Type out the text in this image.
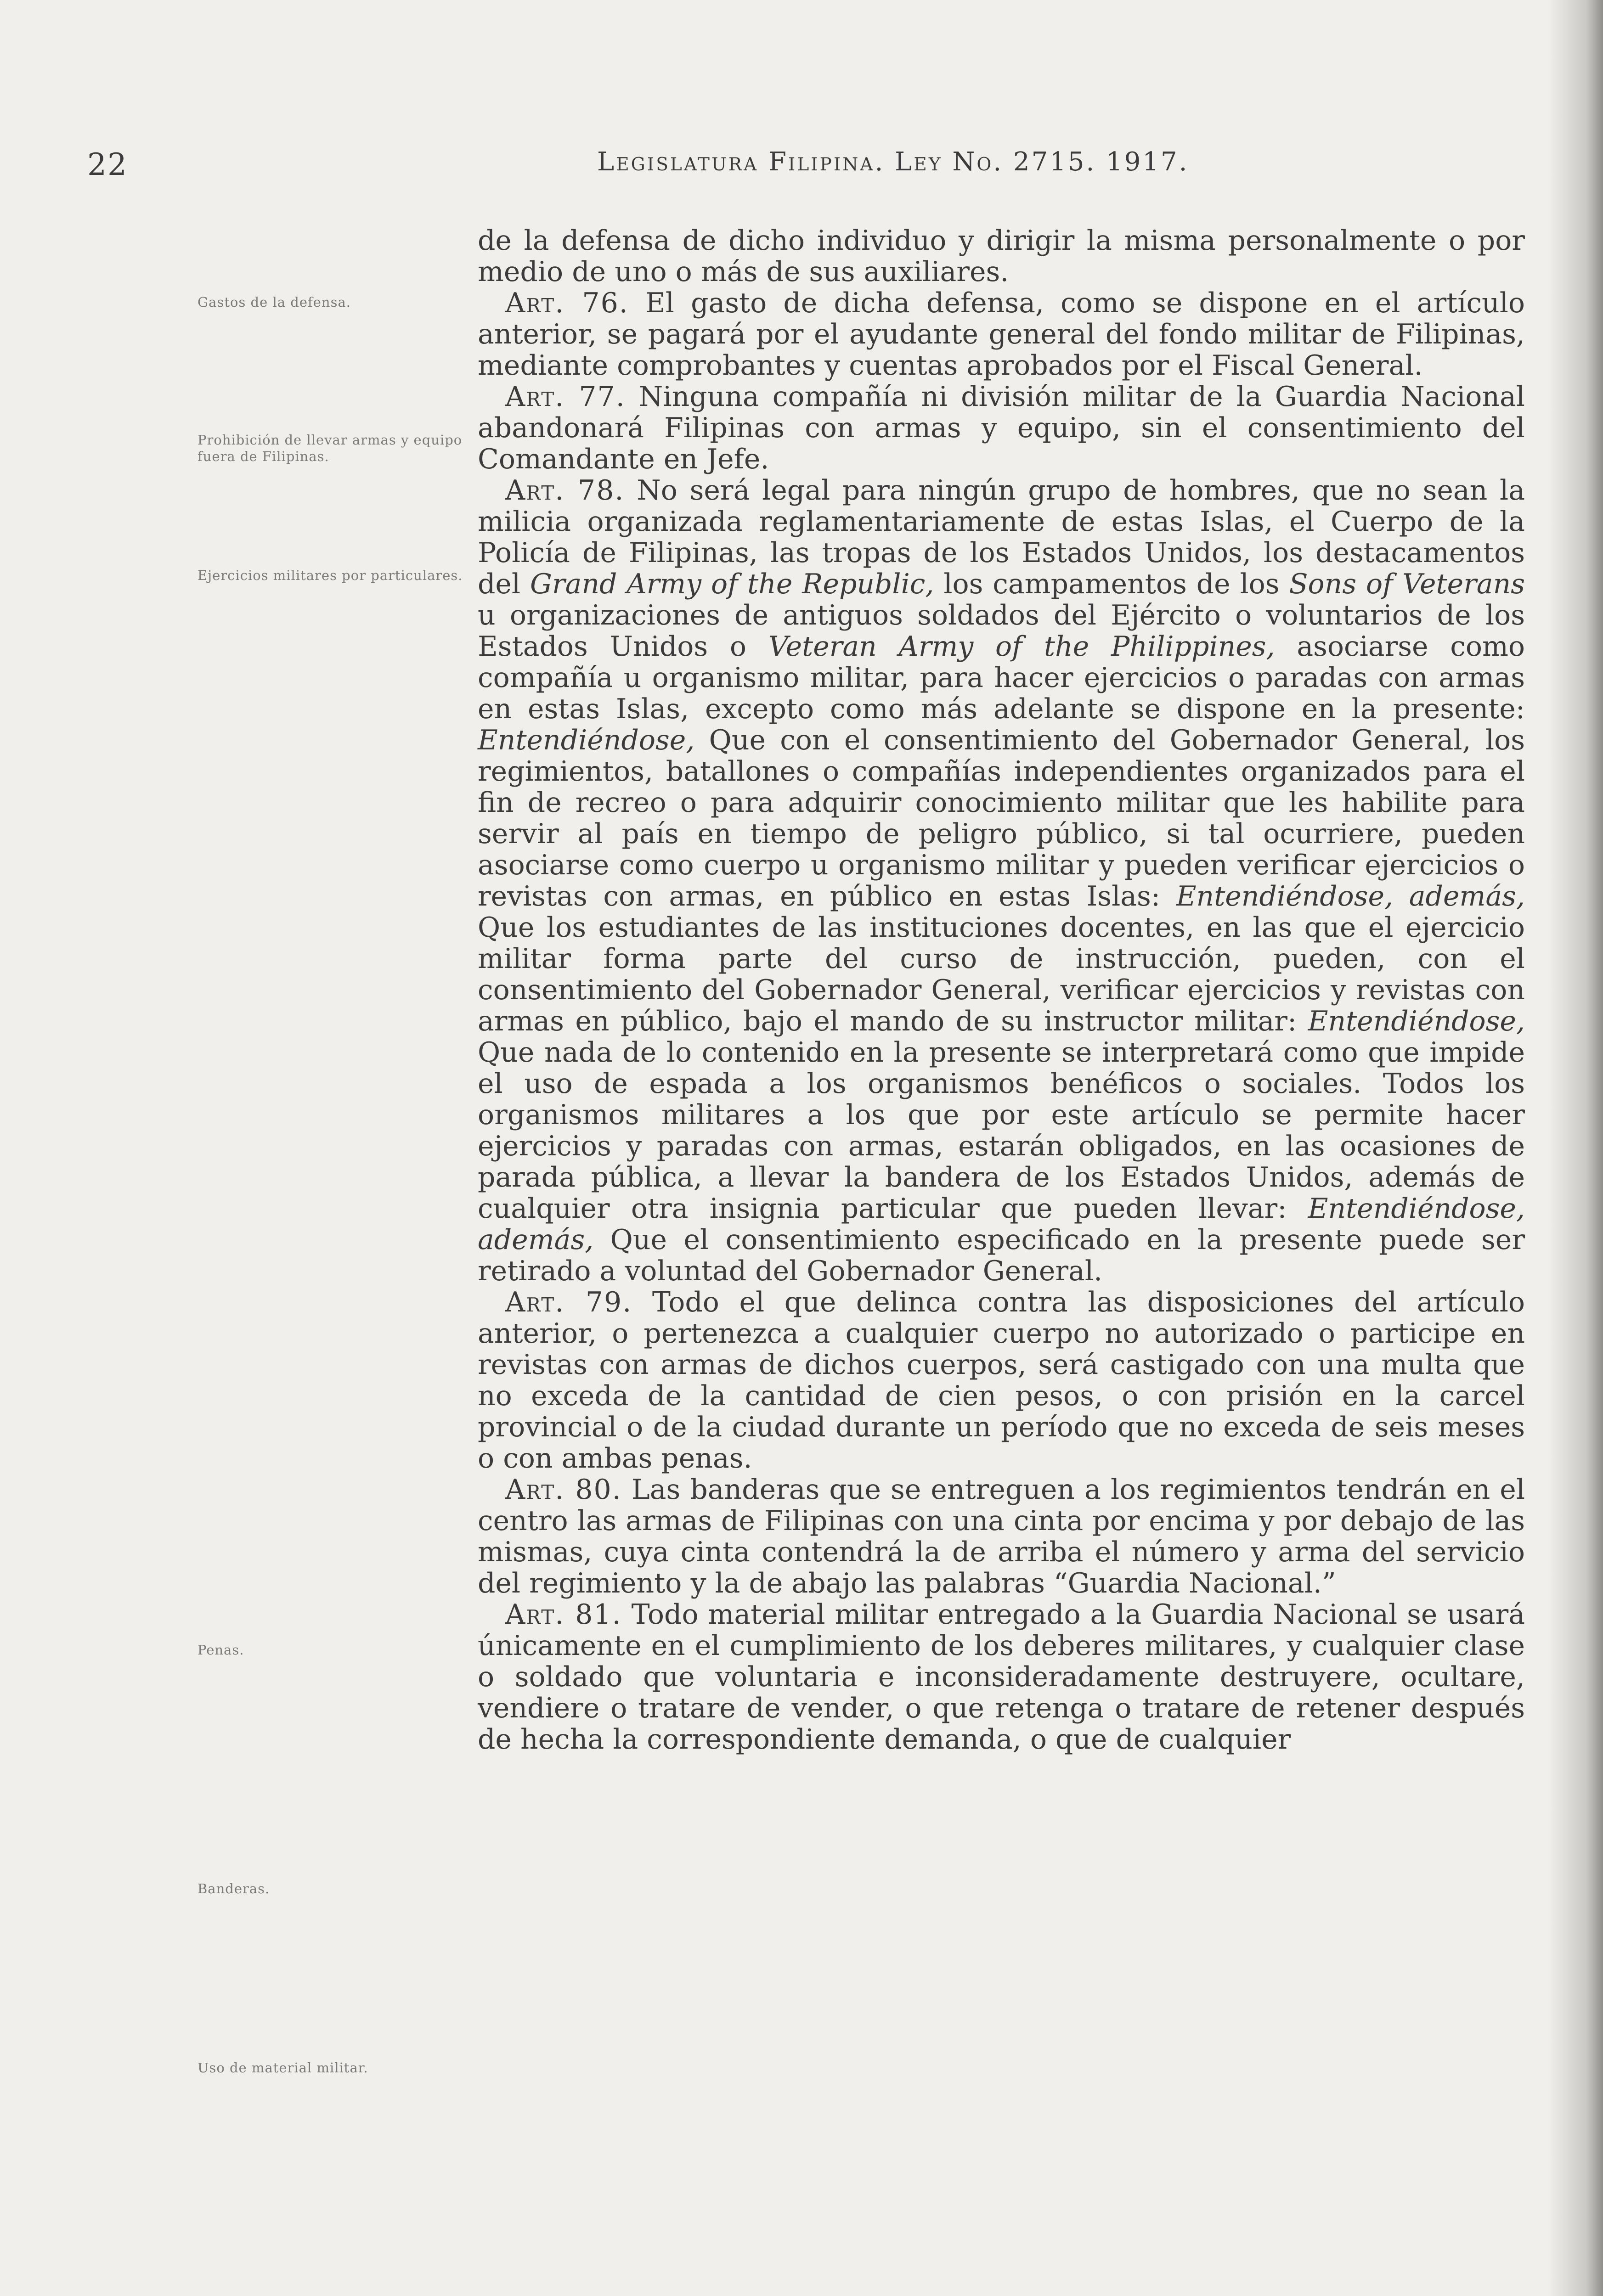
22	Legislatura Filipina. Ley No. 2715. 1917.
Gastos de la defensa.
Prohibición de llevar armas y equipo fuera de Filipinas.
Ejercicios militares por particulares.
Penas.
Banderas.
Uso de material militar.

de la defensa de dicho individuo y dirigir la misma personalmente o por medio de uno o más de sus auxiliares.

Art. 76. El gasto de dicha defensa, como se dispone en el artículo anterior, se pagará por el ayudante general del fondo militar de Filipinas, mediante comprobantes y cuentas aprobados por el Fiscal General.

Art. 77. Ninguna compañía ni división militar de la Guardia Nacional abandonará Filipinas con armas y equipo, sin el consentimiento del Comandante en Jefe.

Art. 78. No será legal para ningún grupo de hombres, que no sean la milicia organizada reglamentariamente de estas Islas, el Cuerpo de la Policía de Filipinas, las tropas de los Estados Unidos, los destacamentos del Grand Army of the Republic, los campamentos de los Sons of Veterans u organizaciones de antiguos soldados del Ejército o voluntarios de los Estados Unidos o Veteran Army of the Philippines, asociarse como compañía u organismo militar, para hacer ejercicios o paradas con armas en estas Islas, excepto como más adelante se dispone en la presente: Entendiéndose, Que con el consentimiento del Gobernador General, los regimientos, batallones o compañías independientes organizados para el fin de recreo o para adquirir conocimiento militar que les habilite para servir al país en tiempo de peligro público, si tal ocurriere, pueden asociarse como cuerpo u organismo militar y pueden verificar ejercicios o revistas con armas, en público en estas Islas: Entendiéndose, además, Que los estudiantes de las instituciones docentes, en las que el ejercicio militar forma parte del curso de instrucción, pueden, con el consentimiento del Gobernador General, verificar ejercicios y revistas con armas en público, bajo el mando de su instructor militar: Entendiéndose, Que nada de lo contenido en la presente se interpretará como que impide el uso de espada a los organismos benéficos o sociales. Todos los organismos militares a los que por este artículo se permite hacer ejercicios y paradas con armas, estarán obligados, en las ocasiones de parada pública, a llevar la bandera de los Estados Unidos, además de cualquier otra insignia particular que pueden llevar: Entendiéndose, además, Que el consentimiento especificado en la presente puede ser retirado a voluntad del Gobernador General.

Art. 79. Todo el que delinca contra las disposiciones del artículo anterior, o pertenezca a cualquier cuerpo no autorizado o participe en revistas con armas de dichos cuerpos, será castigado con una multa que no exceda de la cantidad de cien pesos, o con prisión en la carcel provincial o de la ciudad durante un período que no exceda de seis meses o con ambas penas.

Art. 80. Las banderas que se entreguen a los regimientos tendrán en el centro las armas de Filipinas con una cinta por encima y por debajo de las mismas, cuya cinta contendrá la de arriba el número y arma del servicio del regimiento y la de abajo las palabras “Guardia Nacional.”

Art. 81. Todo material militar entregado a la Guardia Nacional se usará únicamente en el cumplimiento de los deberes militares, y cualquier clase o soldado que voluntaria e inconsideradamente destruyere, ocultare, vendiere o tratare de vender, o que retenga o tratare de retener después de hecha la correspondiente demanda, o que de cualquier
